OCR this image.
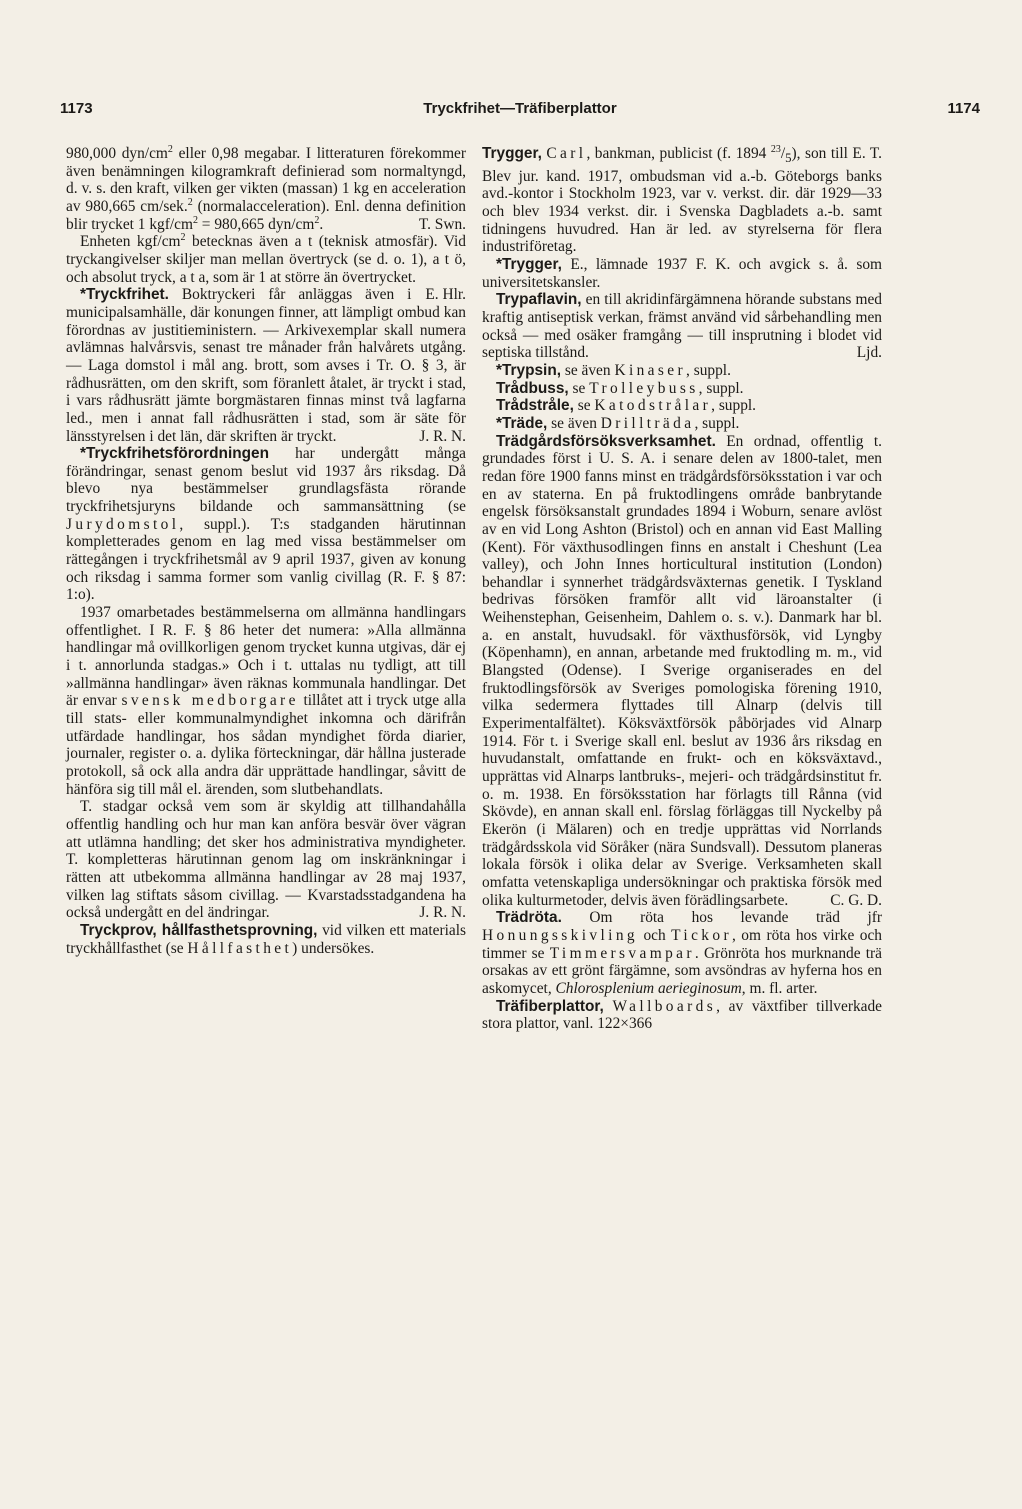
1173	Tryckfrihet—Träfiberplattor	1174

980,000 dyn/$cm^2$ eller 0,98 megabar. I litteraturen förekommer även benämningen kilogramkraft definierad som normaltyngd, d. v. s. den kraft, vilken ger vikten (massan) 1 kg en acceleration av 980,665 cm/sek.$^2$ (normalacceleration). Enl. denna definition blir trycket 1 kgf/$cm^2 = 980,665$ dyn/$cm^2$.	T. Swn.

Enheten kgf/$cm^2$ betecknas även a t (teknisk atmosfär). Vid tryckangivelser skiljer man mellan övertryck (se d. o. 1), a t ö, och absolut tryck, a t a, som är 1 at större än övertrycket.
E. Hlr.

*Tryckfrihet. Boktryckeri får anläggas även i municipalsamhälle, där konungen finner, att lämpligt ombud kan förordnas av justitieministern. — Arkivexemplar skall numera avlämnas halvårsvis, senast tre månader från halvårets utgång. — Laga domstol i mål ang. brott, som avses i Tr. O. § 3, är rådhusrätten, om den skrift, som föranlett åtalet, är tryckt i stad, i vars rådhusrätt jämte borgmästaren finnas minst två lagfarna led., men i annat fall rådhusrätten i stad, som är säte för länsstyrelsen i det län, där skriften är tryckt.	J. R. N.

*Tryckfrihetsförordningen har undergått många förändringar, senast genom beslut vid 1937 års riksdag. Då blevo nya bestämmelser grundlagsfästa rörande tryckfrihetsjuryns bildande och sammansättning (se Jurydomstol, suppl.). T:s stadganden härutinnan kompletterades genom en lag med vissa bestämmelser om rättegången i tryckfrihetsmål av 9 april 1937, given av konung och riksdag i samma former som vanlig civillag (R. F. § 87: 1:o).

1937 omarbetades bestämmelserna om allmänna handlingars offentlighet. I R. F. § 86 heter det numera: »Alla allmänna handlingar må ovillkorligen genom trycket kunna utgivas, där ej i t. annorlunda stadgas.» Och i t. uttalas nu tydligt, att till »allmänna handlingar» även räknas kommunala handlingar. Det är envar svensk medborgare tillåtet att i tryck utge alla till stats- eller kommunalmyndighet inkomna och därifrån utfärdade handlingar, hos sådan myndighet förda diarier, journaler, register o. a. dylika förteckningar, där hållna justerade protokoll, så ock alla andra där upprättade handlingar, såvitt de hänföra sig till mål el. ärenden, som slutbehandlats.

T. stadgar också vem som är skyldig att tillhandahålla offentlig handling och hur man kan anföra besvär över vägran att utlämna handling; det sker hos administrativa myndigheter. T. kompletteras härutinnan genom lag om inskränkningar i rätten att utbekomma allmänna handlingar av 28 maj 1937, vilken lag stiftats såsom civillag. — Kvarstadsstadgandena ha också undergått en del ändringar.	J. R. N.

Tryckprov, hållfasthetsprovning, vid vilken ett materials tryckhållfasthet (se Hållfasthet) undersökes.

Trygger, Carl, bankman, publicist (f. 1894 $^{23}/_5$), son till E. T. Blev jur. kand. 1917, ombudsman vid a.-b. Göteborgs banks avd.-kontor i Stockholm 1923, var v. verkst. dir. där 1929—33 och blev 1934 verkst. dir. i Svenska Dagbladets a.-b. samt tidningens huvudred. Han är led. av styrelserna för flera industriföretag.

*Trygger, E., lämnade 1937 F. K. och avgick s. å. som universitetskansler.

Trypaflavin, en till akridinfärgämnena hörande substans med kraftig antiseptisk verkan, främst använd vid sårbehandling men också — med osäker framgång — till insprutning i blodet vid septiska tillstånd.	Ljd.

*Trypsin, se även Kinaser, suppl.

Trådbuss, se Trolleybuss, suppl.

Trådstråle, se Katodstrålar, suppl.

*Träde, se även Drillträda, suppl.

Trädgårdsförsöksverksamhet. En ordnad, offentlig t. grundades först i U. S. A. i senare delen av 1800-talet, men redan före 1900 fanns minst en trädgårdsförsöksstation i var och en av staterna. En på fruktodlingens område banbrytande engelsk försöksanstalt grundades 1894 i Woburn, senare avlöst av en vid Long Ashton (Bristol) och en annan vid East Malling (Kent). För växthusodlingen finns en anstalt i Cheshunt (Lea valley), och John Innes horticultural institution (London) behandlar i synnerhet trädgårdsväxternas genetik. I Tyskland bedrivas försöken framför allt vid läroanstalter (i Weihenstephan, Geisenheim, Dahlem o. s. v.). Danmark har bl. a. en anstalt, huvudsakl. för växthusförsök, vid Lyngby (Köpenhamn), en annan, arbetande med fruktodling m. m., vid Blangsted (Odense). I Sverige organiserades en del fruktodlingsförsök av Sveriges pomologiska förening 1910, vilka sedermera flyttades till Alnarp (delvis till Experimentalfältet). Köksväxtförsök påbörjades vid Alnarp 1914. För t. i Sverige skall enl. beslut av 1936 års riksdag en huvudanstalt, omfattande en frukt- och en köksväxtavd., upprättas vid Alnarps lantbruks-, mejeri- och trädgårdsinstitut fr. o. m. 1938. En försöksstation har förlagts till Rånna (vid Skövde), en annan skall enl. förslag förläggas till Nyckelby på Ekerön (i Mälaren) och en tredje upprättas vid Norrlands trädgårdsskola vid Söråker (nära Sundsvall). Dessutom planeras lokala försök i olika delar av Sverige. Verksamheten skall omfatta vetenskapliga undersökningar och praktiska försök med olika kulturmetoder, delvis även förädlingsarbete.	C. G. D.

Trädröta. Om röta hos levande träd jfr Honungsskivling och Tickor, om röta hos virke och timmer se Timmersvampar. Grönröta hos murknande trä orsakas av ett grönt färgämne, som avsöndras av hyferna hos en askomycet, Chlorosplenium aerieginosum, m. fl. arter.

Träfiberplattor, Wallboards, av växtfiber tillverkade stora plattor, vanl. 122×366
